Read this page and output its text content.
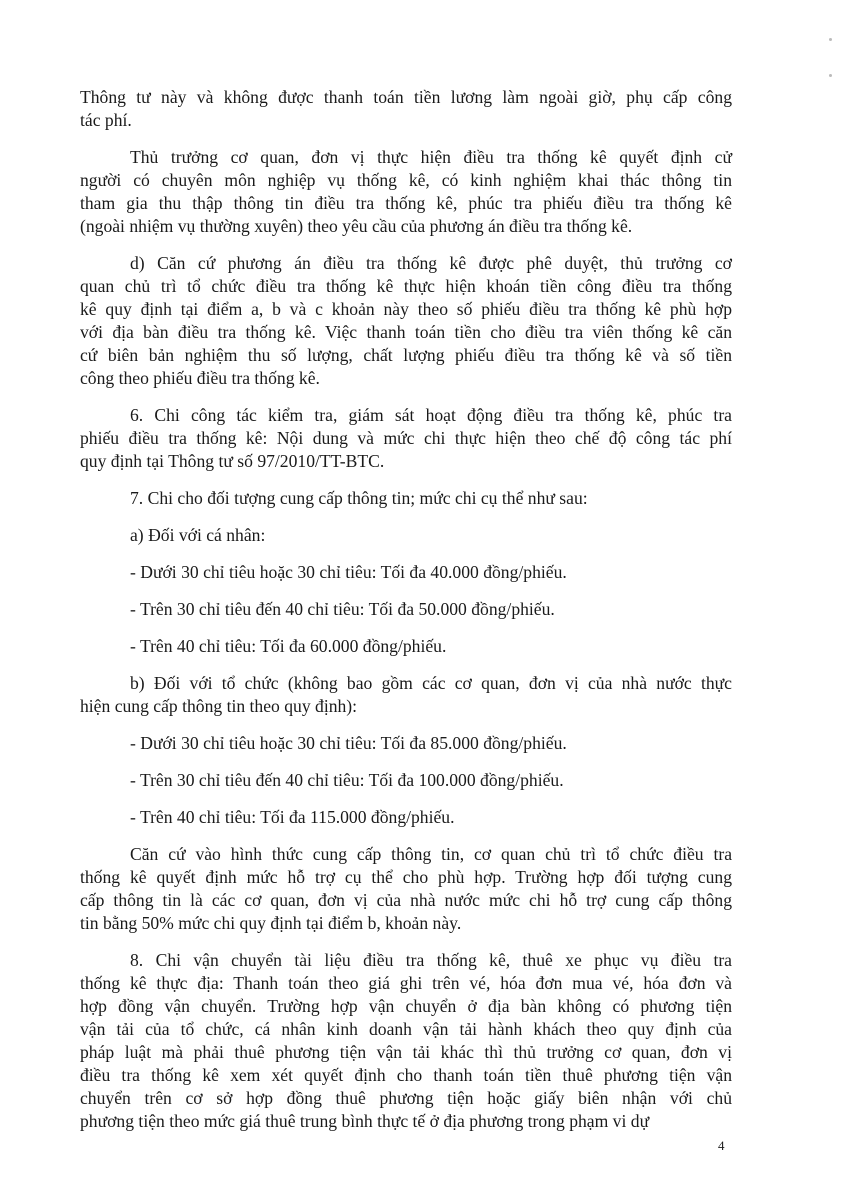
Thông tư này và không được thanh toán tiền lương làm ngoài giờ, phụ cấp công
tác phí.

Thủ trưởng cơ quan, đơn vị thực hiện điều tra thống kê quyết định cử
người có chuyên môn nghiệp vụ thống kê, có kinh nghiệm khai thác thông tin
tham gia thu thập thông tin điều tra thống kê, phúc tra phiếu điều tra thống kê
(ngoài nhiệm vụ thường xuyên) theo yêu cầu của phương án điều tra thống kê.

d) Căn cứ phương án điều tra thống kê được phê duyệt, thủ trưởng cơ
quan chủ trì tổ chức điều tra thống kê thực hiện khoán tiền công điều tra thống
kê quy định tại điểm a, b và c khoản này theo số phiếu điều tra thống kê phù hợp
với địa bàn điều tra thống kê. Việc thanh toán tiền cho điều tra viên thống kê căn
cứ biên bản nghiệm thu số lượng, chất lượng phiếu điều tra thống kê và số tiền
công theo phiếu điều tra thống kê.

6. Chi công tác kiểm tra, giám sát hoạt động điều tra thống kê, phúc tra
phiếu điều tra thống kê: Nội dung và mức chi thực hiện theo chế độ công tác phí
quy định tại Thông tư số 97/2010/TT-BTC.

7. Chi cho đối tượng cung cấp thông tin; mức chi cụ thể như sau:

a) Đối với cá nhân:

- Dưới 30 chỉ tiêu hoặc 30 chỉ tiêu: Tối đa 40.000 đồng/phiếu.

- Trên 30 chỉ tiêu đến 40 chỉ tiêu: Tối đa 50.000 đồng/phiếu.

- Trên 40 chỉ tiêu: Tối đa 60.000 đồng/phiếu.

b) Đối với tổ chức (không bao gồm các cơ quan, đơn vị của nhà nước thực
hiện cung cấp thông tin theo quy định):

- Dưới 30 chỉ tiêu hoặc 30 chỉ tiêu: Tối đa 85.000 đồng/phiếu.

- Trên 30 chỉ tiêu đến 40 chỉ tiêu: Tối đa 100.000 đồng/phiếu.

- Trên 40 chỉ tiêu: Tối đa 115.000 đồng/phiếu.

Căn cứ vào hình thức cung cấp thông tin, cơ quan chủ trì tổ chức điều tra
thống kê quyết định mức hỗ trợ cụ thể cho phù hợp. Trường hợp đối tượng cung
cấp thông tin là các cơ quan, đơn vị của nhà nước mức chi hỗ trợ cung cấp thông
tin bằng 50% mức chi quy định tại điểm b, khoản này.

8. Chi vận chuyển tài liệu điều tra thống kê, thuê xe phục vụ điều tra
thống kê thực địa: Thanh toán theo giá ghi trên vé, hóa đơn mua vé, hóa đơn và
hợp đồng vận chuyển. Trường hợp vận chuyển ở địa bàn không có phương tiện
vận tải của tổ chức, cá nhân kinh doanh vận tải hành khách theo quy định của
pháp luật mà phải thuê phương tiện vận tải khác thì thủ trưởng cơ quan, đơn vị
điều tra thống kê xem xét quyết định cho thanh toán tiền thuê phương tiện vận
chuyển trên cơ sở hợp đồng thuê phương tiện hoặc giấy biên nhận với chủ
phương tiện theo mức giá thuê trung bình thực tế ở địa phương trong phạm vi dự

4
